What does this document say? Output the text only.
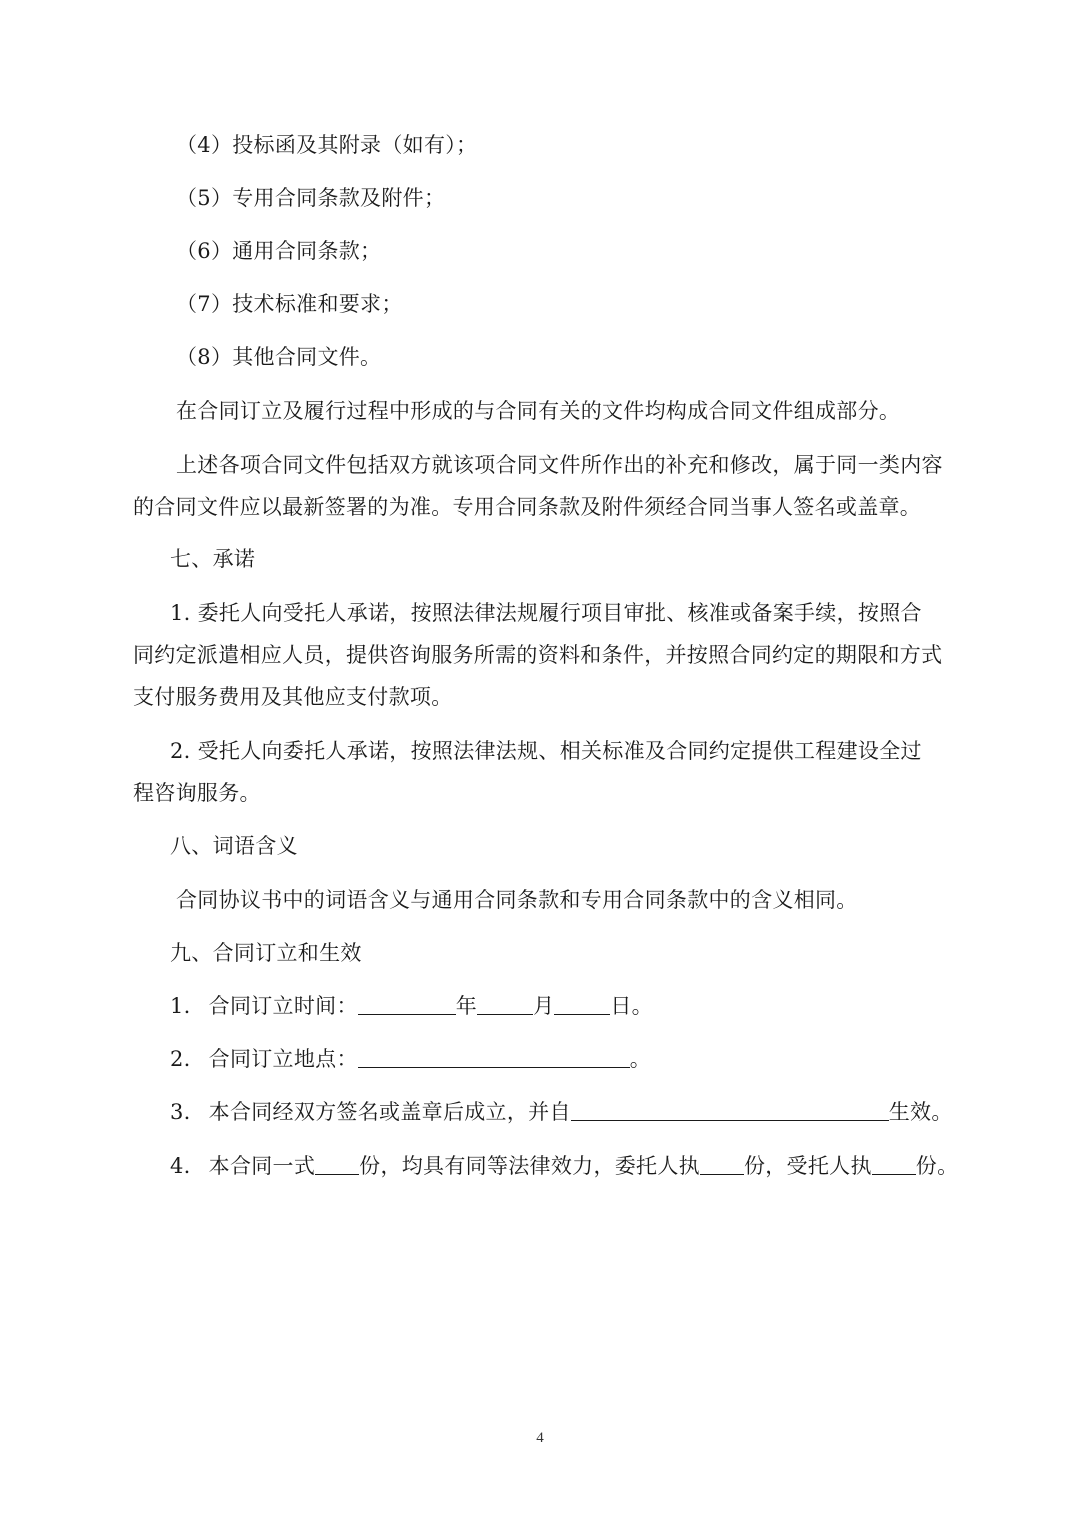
（4）投标函及其附录（如有）；
（5）专用合同条款及附件；
（6）通用合同条款；
（7）技术标准和要求；
（8）其他合同文件。
在合同订立及履行过程中形成的与合同有关的文件均构成合同文件组成部分。
上述各项合同文件包括双方就该项合同文件所作出的补充和修改，属于同一类内容
的合同文件应以最新签署的为准。专用合同条款及附件须经合同当事人签名或盖章。
七、承诺
1. 委托人向受托人承诺，按照法律法规履行项目审批、核准或备案手续，按照合
同约定派遣相应人员，提供咨询服务所需的资料和条件，并按照合同约定的期限和方式
支付服务费用及其他应支付款项。
2. 受托人向委托人承诺，按照法律法规、相关标准及合同约定提供工程建设全过
程咨询服务。
八、词语含义
合同协议书中的词语含义与通用合同条款和专用合同条款中的含义相同。
九、合同订立和生效
1. 合同订立时间：	年	月	日。
2. 合同订立地点：	。
3. 本合同经双方签名或盖章后成立，并自	生效。
4. 本合同一式 份，均具有同等法律效力，委托人执 份，受托人执 份。
4
